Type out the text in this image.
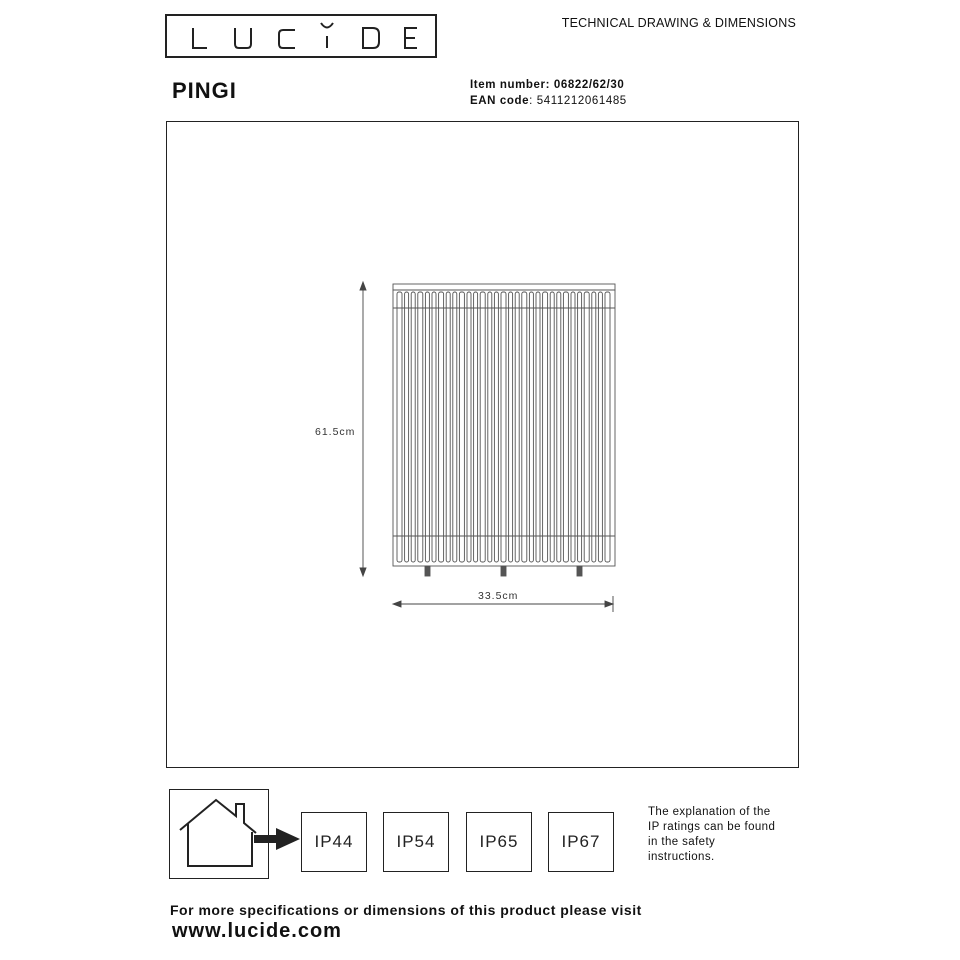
TECHNICAL DRAWING & DIMENSIONS
PINGI	Item number: 06822/62/30
EAN code: 5411212061485
61.5cm
33.5cm
IP44	IP54	IP65	IP67
The explanation of the
IP ratings can be found
in the safety
instructions.
For more specifications or dimensions of this product please visit
www.lucide.com
